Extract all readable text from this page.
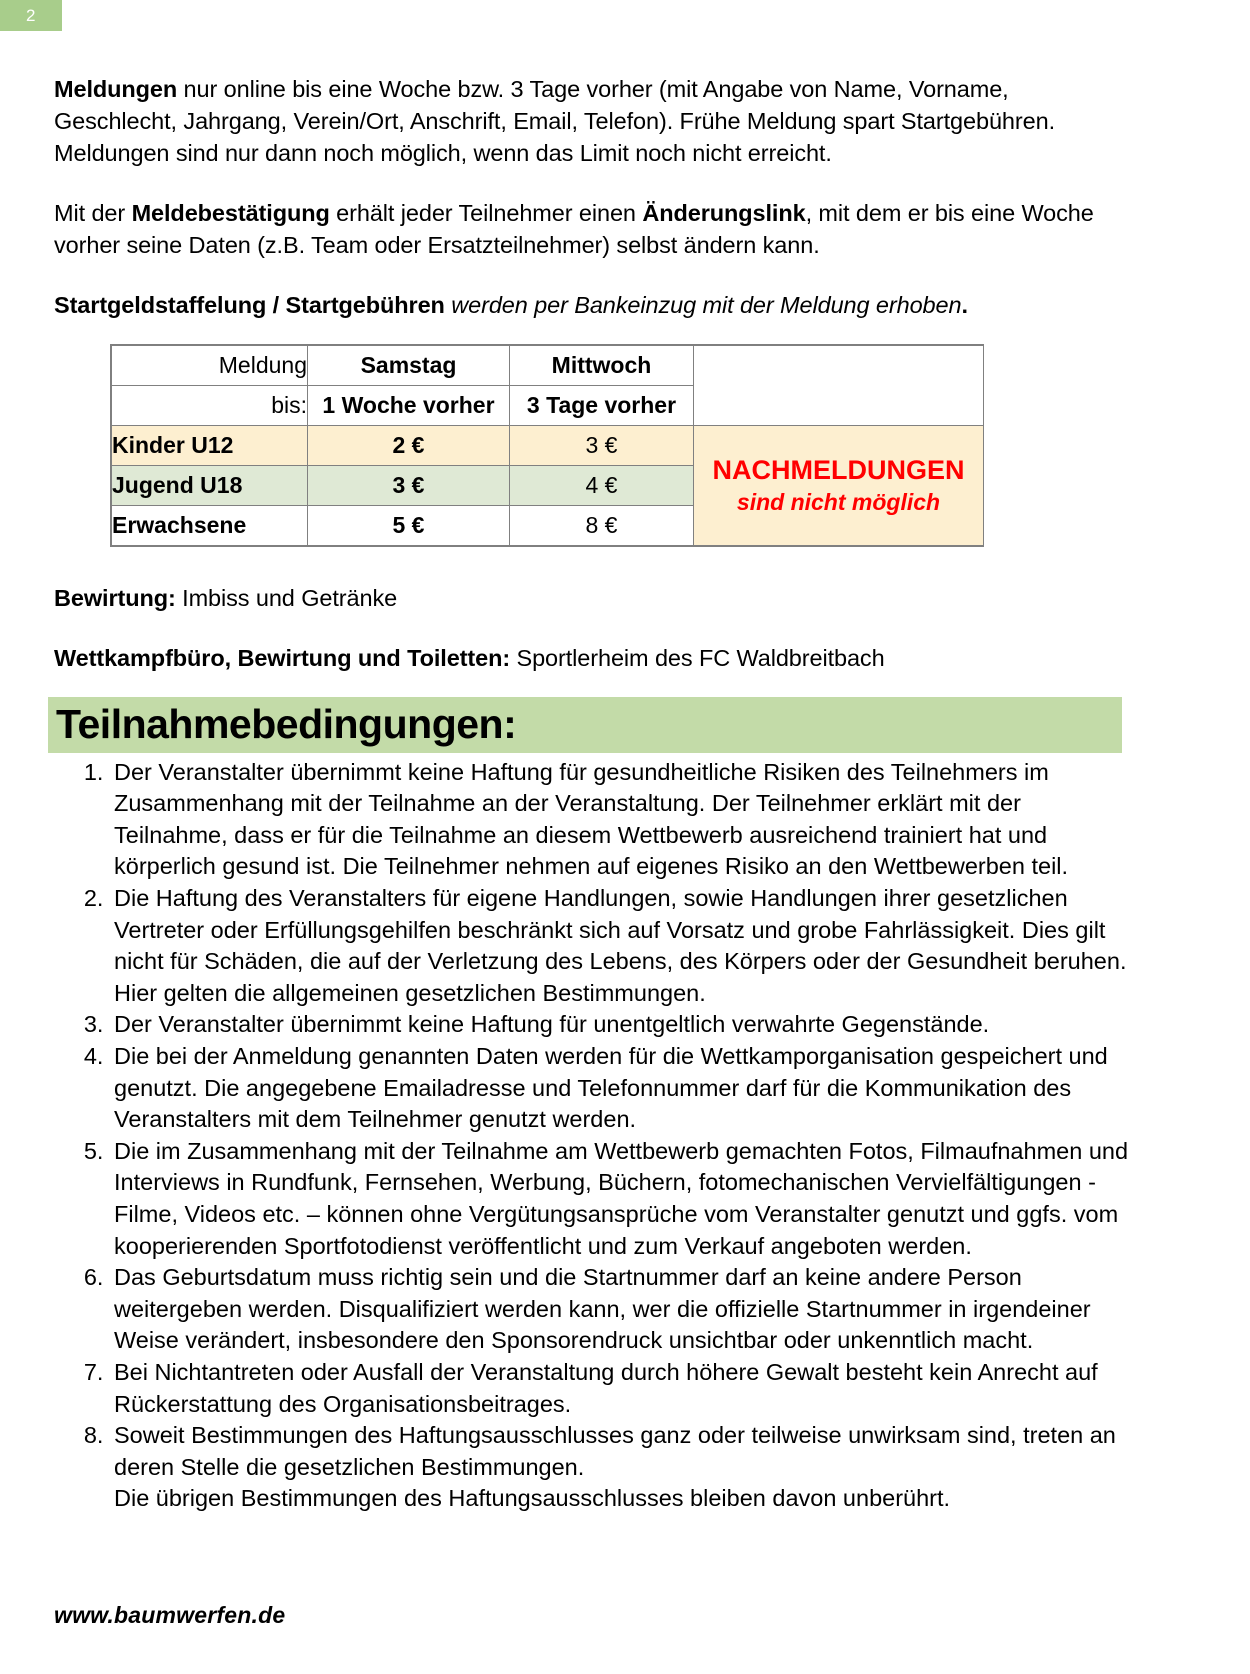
2

Meldungen nur online bis eine Woche bzw. 3 Tage vorher (mit Angabe von Name, Vorname, Geschlecht, Jahrgang, Verein/Ort, Anschrift, Email, Telefon). Frühe Meldung spart Startgebühren. Meldungen sind nur dann noch möglich, wenn das Limit noch nicht erreicht.

Mit der Meldebestätigung erhält jeder Teilnehmer einen Änderungslink, mit dem er bis eine Woche vorher seine Daten (z.B. Team oder Ersatzteilnehmer) selbst ändern kann.

Startgeldstaffelung / Startgebühren werden per Bankeinzug mit der Meldung erhoben.

Meldung	Samstag	Mittwoch	
bis:	1 Woche vorher	3 Tage vorher	
Kinder U12	2 €	3 €	NACHMELDUNGEN
sind nicht möglich

Jugend U18	3 €	4 €	
Erwachsene	5 €	8 €	

Bewirtung: Imbiss und Getränke

Wettkampfbüro, Bewirtung und Toiletten: Sportlerheim des FC Waldbreitbach

Teilnahmebedingungen:
1. Der Veranstalter übernimmt keine Haftung für gesundheitliche Risiken des Teilnehmers im Zusammenhang mit der Teilnahme an der Veranstaltung. Der Teilnehmer erklärt mit der Teilnahme, dass er für die Teilnahme an diesem Wettbewerb ausreichend trainiert hat und körperlich gesund ist. Die Teilnehmer nehmen auf eigenes Risiko an den Wettbewerben teil.
2. Die Haftung des Veranstalters für eigene Handlungen, sowie Handlungen ihrer gesetzlichen Vertreter oder Erfüllungsgehilfen beschränkt sich auf Vorsatz und grobe Fahrlässigkeit. Dies gilt nicht für Schäden, die auf der Verletzung des Lebens, des Körpers oder der Gesundheit beruhen. Hier gelten die allgemeinen gesetzlichen Bestimmungen.
3. Der Veranstalter übernimmt keine Haftung für unentgeltlich verwahrte Gegenstände.
4. Die bei der Anmeldung genannten Daten werden für die Wettkamporganisation gespeichert und genutzt. Die angegebene Emailadresse und Telefonnummer darf für die Kommunikation des Veranstalters mit dem Teilnehmer genutzt werden.
5. Die im Zusammenhang mit der Teilnahme am Wettbewerb gemachten Fotos, Filmaufnahmen und Interviews in Rundfunk, Fernsehen, Werbung, Büchern, fotomechanischen Vervielfältigungen - Filme, Videos etc. – können ohne Vergütungsansprüche vom Veranstalter genutzt und ggfs. vom kooperierenden Sportfotodienst veröffentlicht und zum Verkauf angeboten werden.
6. Das Geburtsdatum muss richtig sein und die Startnummer darf an keine andere Person weitergeben werden. Disqualifiziert werden kann, wer die offizielle Startnummer in irgendeiner Weise verändert, insbesondere den Sponsorendruck unsichtbar oder unkenntlich macht.
7. Bei Nichtantreten oder Ausfall der Veranstaltung durch höhere Gewalt besteht kein Anrecht auf Rückerstattung des Organisationsbeitrages.
8. Soweit Bestimmungen des Haftungsausschlusses ganz oder teilweise unwirksam sind, treten an deren Stelle die gesetzlichen Bestimmungen.
Die übrigen Bestimmungen des Haftungsausschlusses bleiben davon unberührt.
www.baumwerfen.de
